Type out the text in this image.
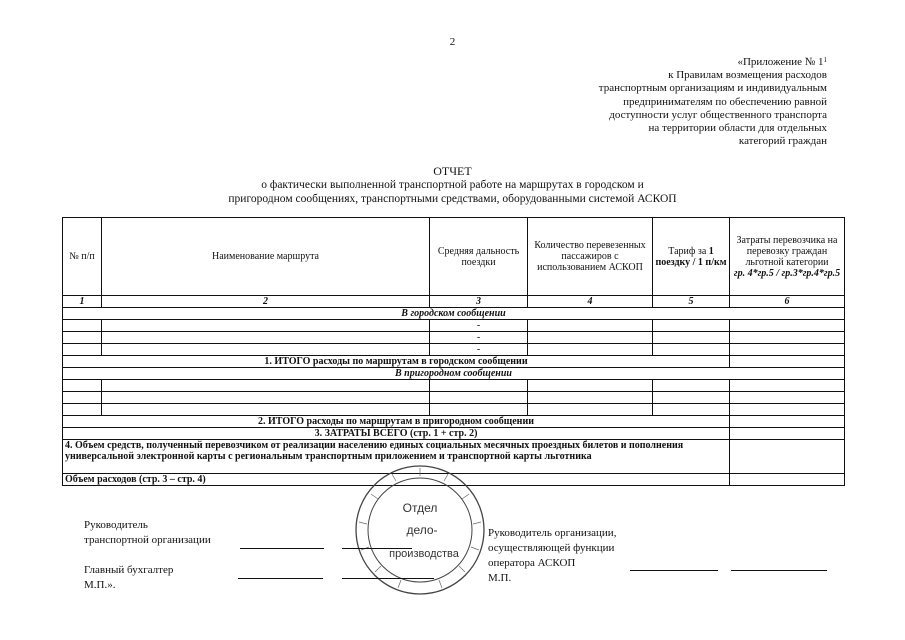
2
«Приложение № $1^1$
к Правилам возмещения расходов
транспортным организациям и индивидуальным
предпринимателям по обеспечению равной
доступности услуг общественного транспорта
на территории области для отдельных
категорий граждан
ОТЧЕТ
о фактически выполненной транспортной работе на маршрутах в городском и
пригородном сообщениях, транспортными средствами, оборудованными системой АСКОП
№ п/п	Наименование маршрута	Средняя дальность поездки	Количество перевезенных пассажиров с использованием АСКОП	Тариф за 1 поездку / 1 п/км	Затраты перевозчика на перевозку граждан льготной категории
гр. 4*гр.5 / гр.3*гр.4*гр.5

1	2	3	4	5	6
В городском сообщении					
		-			
		-			
		-			
1. ИТОГО расходы по маршрутам в городском сообщении					
В пригородном сообщении					

2. ИТОГО расходы по маршрутам в пригородном сообщении					
3. ЗАТРАТЫ ВСЕГО (стр. 1 + стр. 2)					
4. Объем средств, полученный перевозчиком от реализации населению единых социальных месячных проездных билетов и пополнения универсальной электронной карты с региональным транспортным приложением и транспортной карты льготника					
Объем расходов (стр. 3 – стр. 4)					
Отдел
дело-
производства
Руководитель
транспортной организации
Главный бухгалтер
М.П.».
Руководитель организации,
осуществляющей функции
оператора АСКОП
М.П.
